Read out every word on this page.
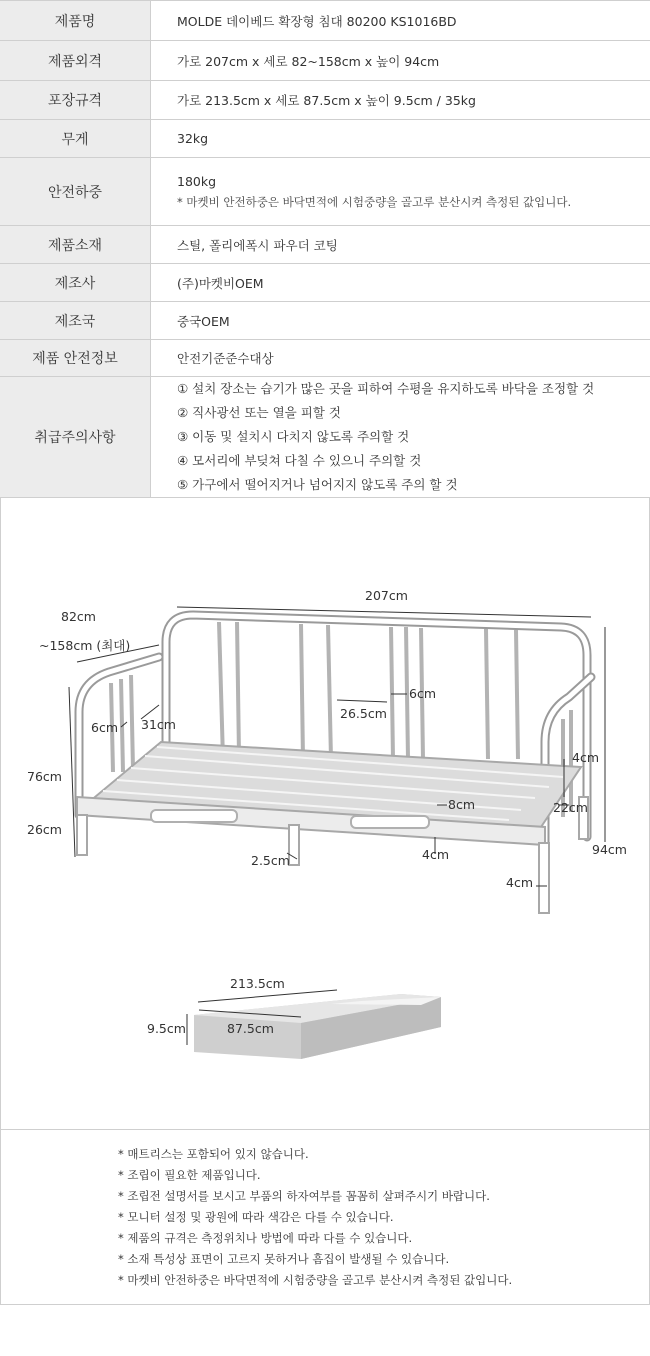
제품명	MOLDE 데이베드 확장형 침대 80200 KS1016BD
제품외격	가로 207cm x 세로 82~158cm x 높이 94cm
포장규격	가로 213.5cm x 세로 87.5cm x 높이 9.5cm / 35kg
무게	32kg
안전하중	180kg
* 마켓비 안전하중은 바닥면적에 시험중량을 골고루 분산시켜 측정된 값입니다.

제품소재	스틸, 폴리에폭시 파우더 코팅
제조사	(주)마켓비OEM
제조국	중국OEM
제품 안전정보	안전기준준수대상
취급주의사항	① 설치 장소는 습기가 많은 곳을 피하여 수평을 유지하도록 바닥을 조정할 것
② 직사광선 또는 열을 피할 것
③ 이동 및 설치시 다치지 않도록 주의할 것
④ 모서리에 부딪쳐 다칠 수 있으니 주의할 것
⑤ 가구에서 떨어지거나 넘어지지 않도록 주의 할 것
207cm
82cm
~158cm (최대)
6cm
26.5cm
6cm 31cm
76cm
4cm
8cm	22cm
26cm
94cm
4cm
2.5cm
4cm
213.5cm
9.5cm	87.5cm
* 매트리스는 포함되어 있지 않습니다.
* 조립이 필요한 제품입니다.
* 조립전 설명서를 보시고 부품의 하자여부를 꼼꼼히 살펴주시기 바랍니다.
* 모니터 설정 및 광원에 따라 색감은 다를 수 있습니다.
* 제품의 규격은 측정위치나 방법에 따라 다를 수 있습니다.
* 소재 특성상 표면이 고르지 못하거나 흠집이 발생될 수 있습니다.
* 마켓비 안전하중은 바닥면적에 시험중량을 골고루 분산시켜 측정된 값입니다.
